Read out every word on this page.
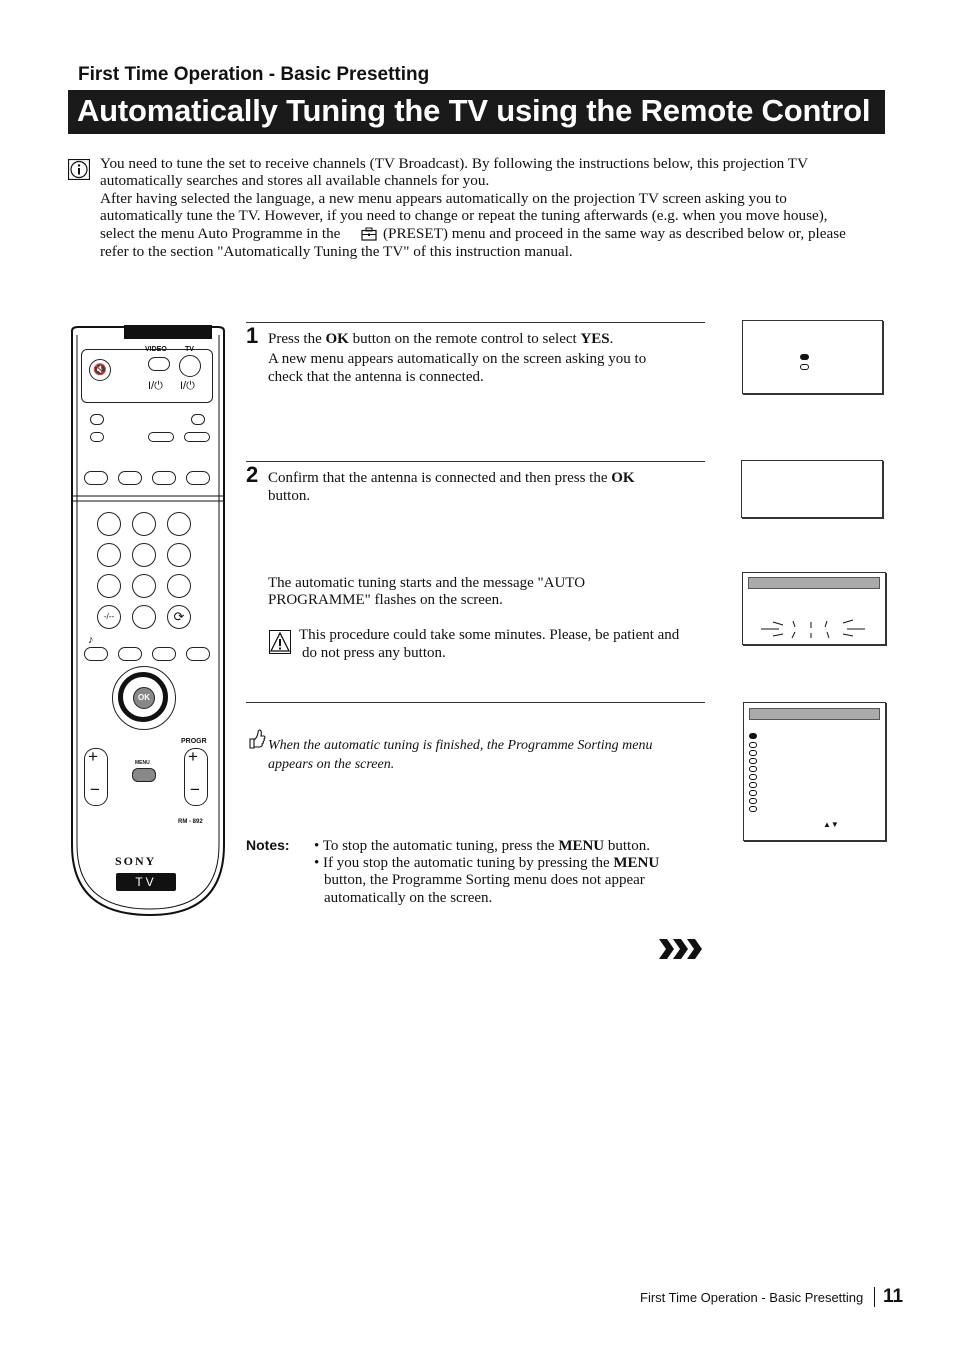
First Time Operation - Basic Presetting
Automatically Tuning the TV using the Remote Control
You need to tune the set to receive channels (TV Broadcast). By following the instructions below, this projection TV
automatically searches and stores all available channels for you.
After having selected the language, a new menu appears automatically on the projection TV screen asking you to
automatically tune the TV. However, if you need to change or repeat the tuning afterwards (e.g. when you move house),
select the menu Auto Programme in the	(PRESET) menu and proceed in the same way as described below or, please
refer to the section "Automatically Tuning the TV" of this instruction manual.
🔇
VIDEO	TV
I/⏻ I/⏻
-/--	⟳
♪
OK
PROGR
+
−
MENU +
−
RM - 892
SONY
TV
1 Press the OK button on the remote control to select YES.
A new menu appears automatically on the screen asking you to
check that the antenna is connected.
2 Confirm that the antenna is connected and then press the OK
button.
The automatic tuning starts and the message "AUTO
PROGRAMME" flashes on the screen.
This procedure could take some minutes. Please, be patient and
do not press any button.
When the automatic tuning is finished, the Programme Sorting menu
appears on the screen.
▲▼
Notes: • To stop the automatic tuning, press the MENU button.
• If you stop the automatic tuning by pressing the MENU
button, the Programme Sorting menu does not appear
automatically on the screen.
First Time Operation - Basic Presetting 11
